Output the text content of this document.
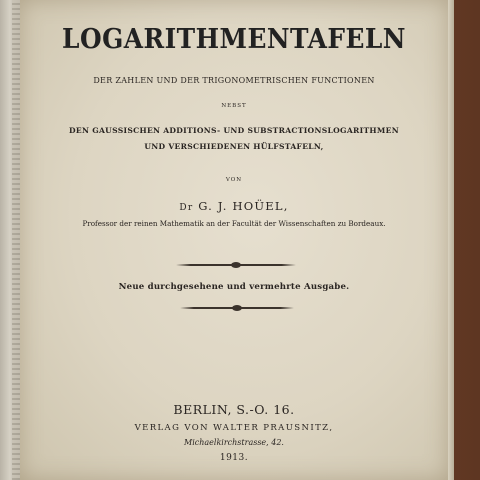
LOGARITHMENTAFELN
DER ZAHLEN UND DER TRIGONOMETRISCHEN FUNCTIONEN
NEBST
DEN GAUSSISCHEN ADDITIONS- UND SUBSTRACTIONSLOGARITHMEN
UND VERSCHIEDENEN HÜLFSTAFELN,
VON
Dr G. J. HOÜEL,
Professor der reinen Mathematik an der Facultät der Wissenschaften zu Bordeaux.
Neue durchgesehene und vermehrte Ausgabe.
BERLIN, S.-O. 16.
VERLAG VON WALTER PRAUSNITZ,
Michaelkirchstrasse, 42.
1913.
